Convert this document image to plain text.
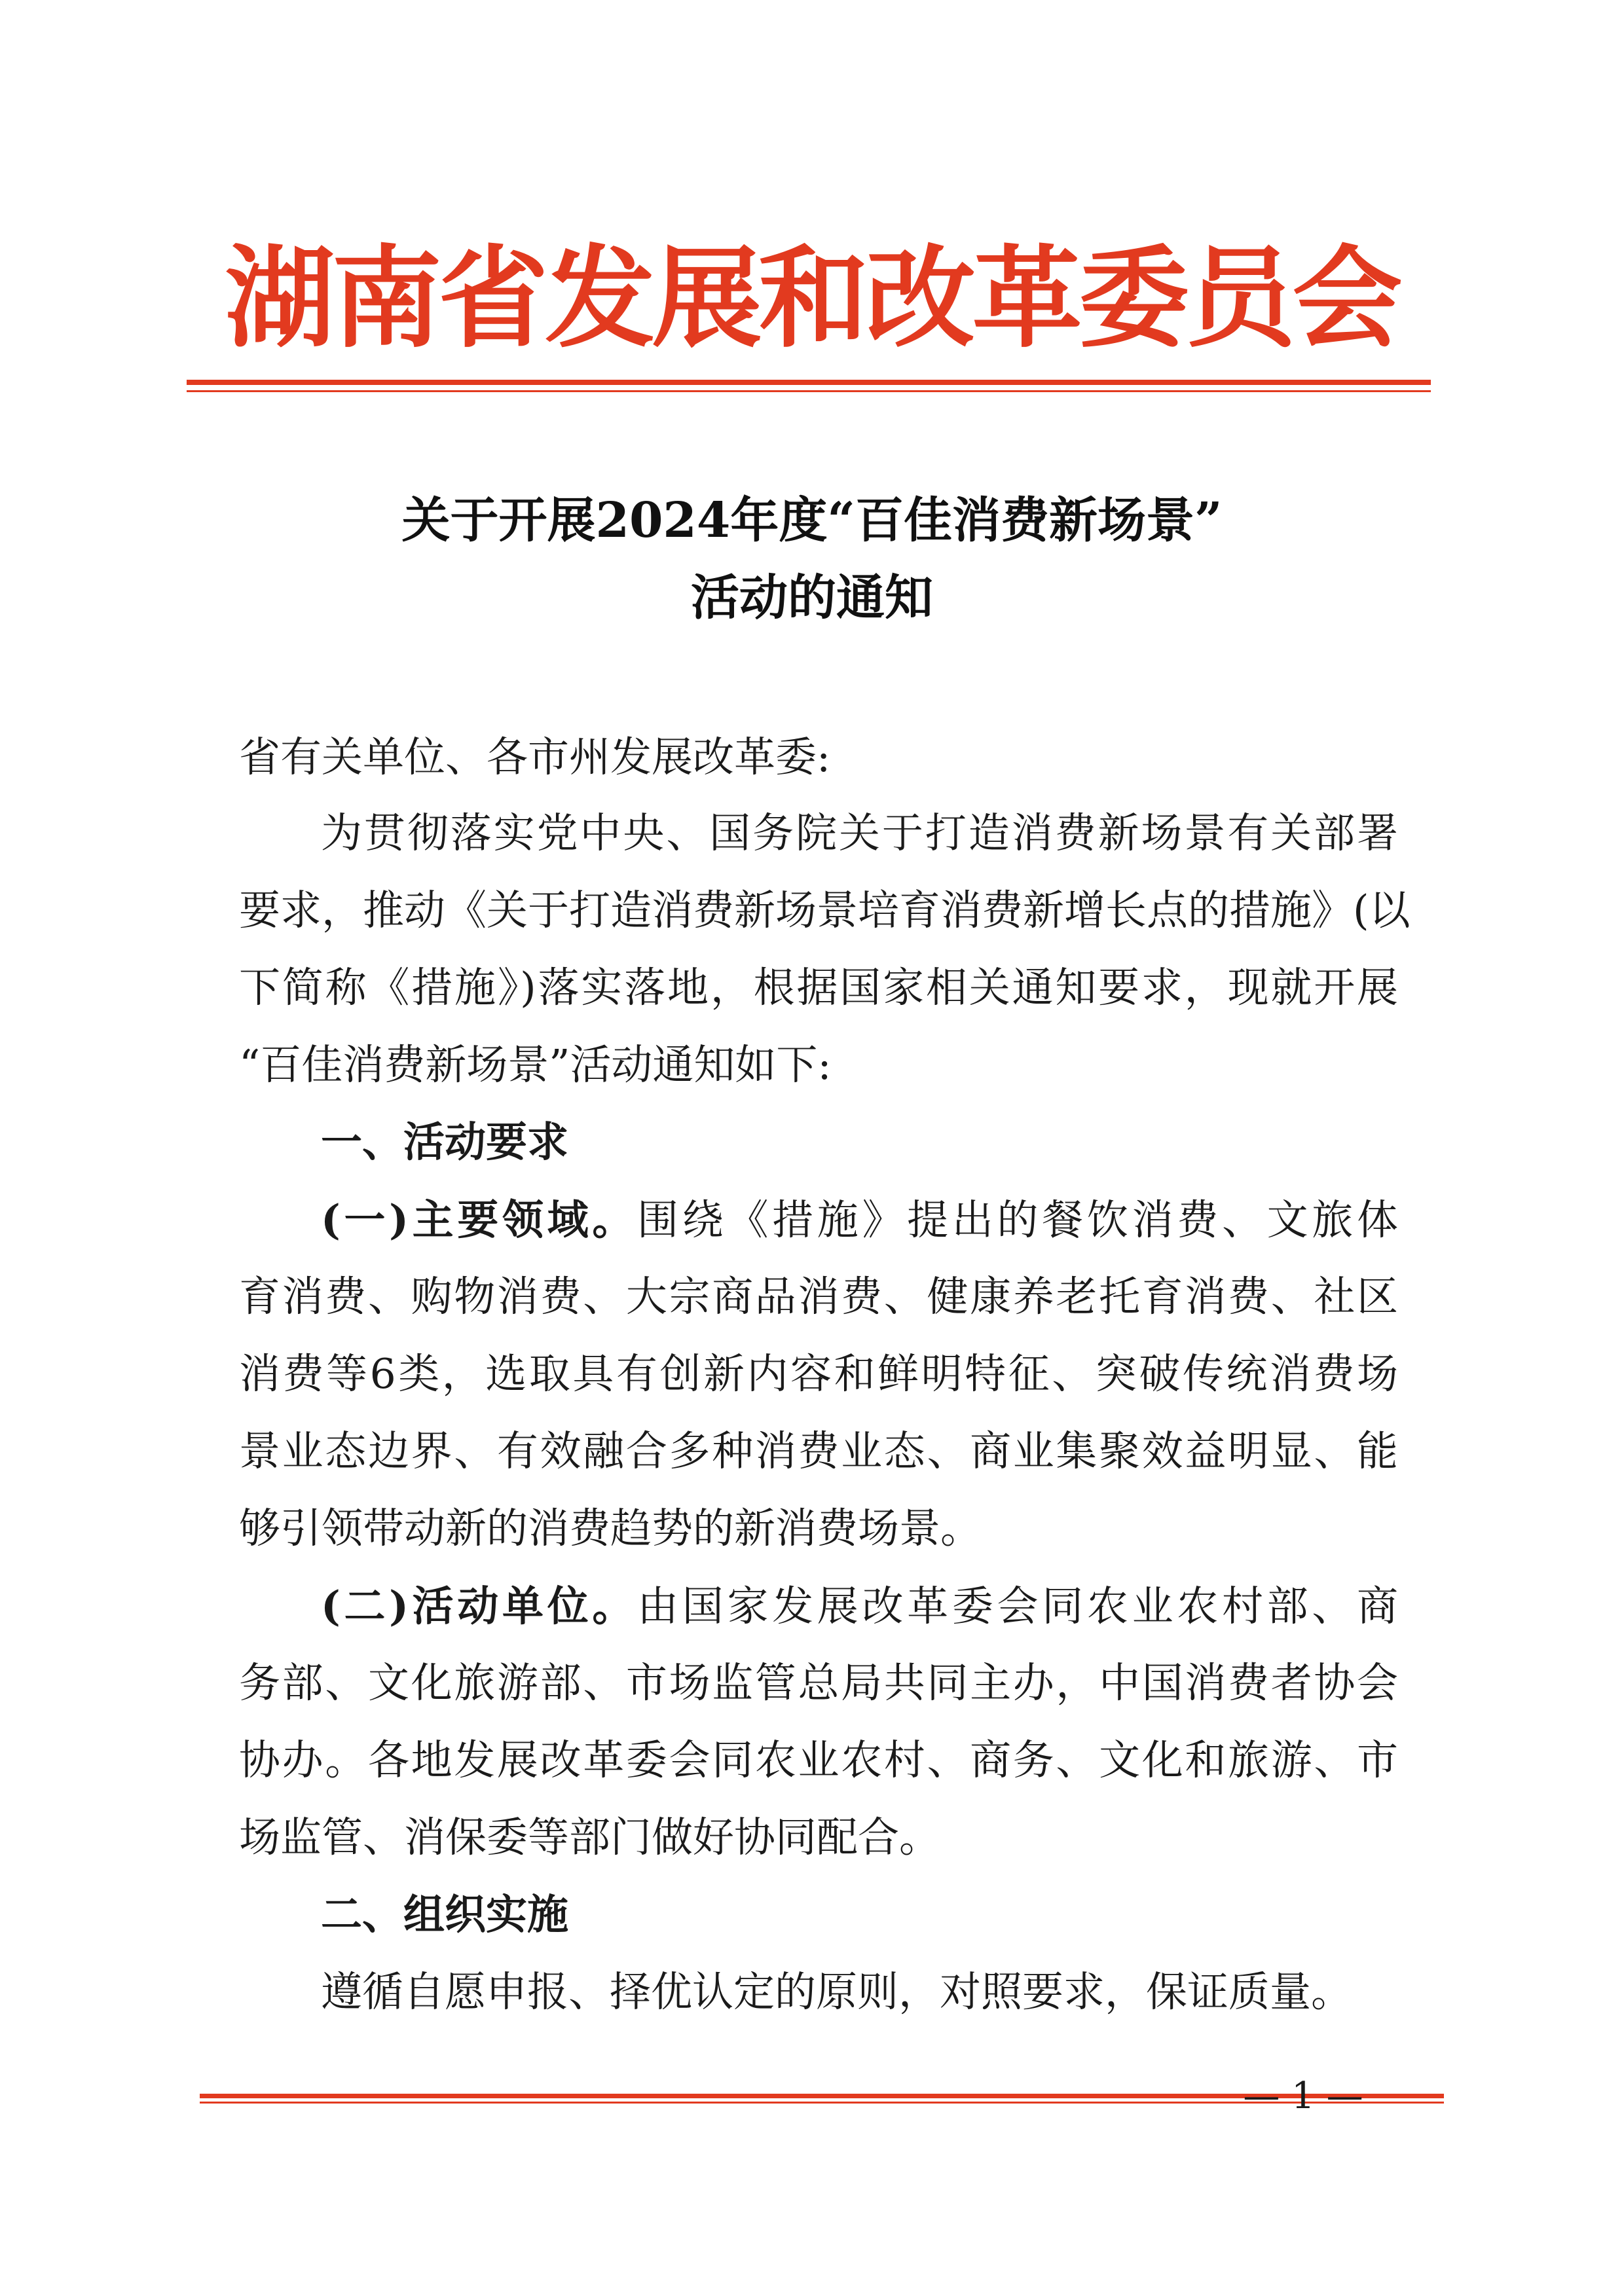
湖南省发展和改革委员会
关于开展2024年度“百佳消费新场景”
活动的通知
省有关单位、各市州发展改革委:
为贯彻落实党中央、国务院关于打造消费新场景有关部署
要求，推动《关于打造消费新场景培育消费新增长点的措施》(以
下简称《措施》)落实落地，根据国家相关通知要求，现就开展
“百佳消费新场景”活动通知如下:
一、活动要求
(一)主要领域。围绕《措施》提出的餐饮消费、文旅体
育消费、购物消费、大宗商品消费、健康养老托育消费、社区
消费等6类，选取具有创新内容和鲜明特征、突破传统消费场
景业态边界、有效融合多种消费业态、商业集聚效益明显、能
够引领带动新的消费趋势的新消费场景。
(二)活动单位。由国家发展改革委会同农业农村部、商
务部、文化旅游部、市场监管总局共同主办，中国消费者协会
协办。各地发展改革委会同农业农村、商务、文化和旅游、市
场监管、消保委等部门做好协同配合。
二、组织实施
遵循自愿申报、择优认定的原则，对照要求，保证质量。
— 1 —
